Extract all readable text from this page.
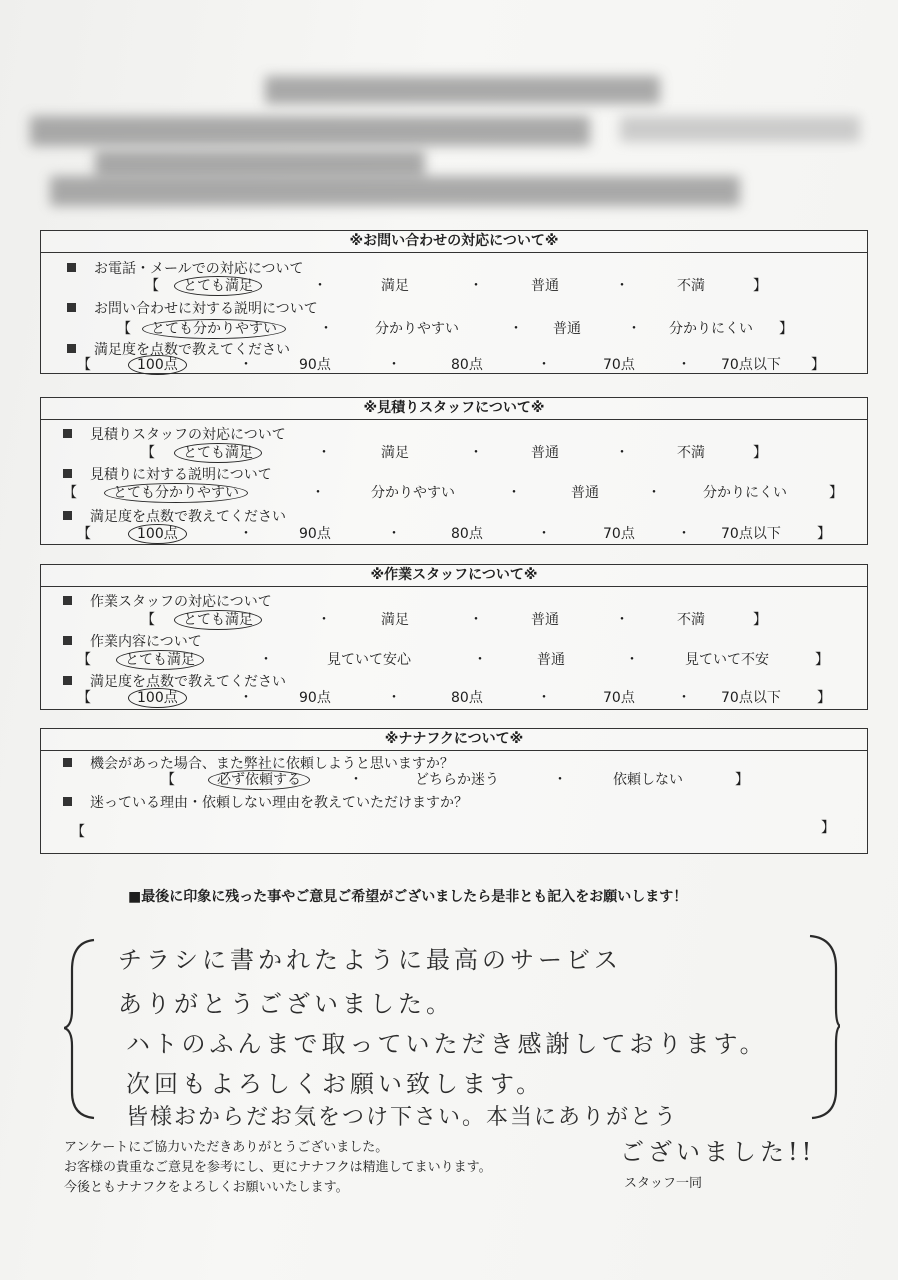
※お問い合わせの対応について※
お電話・メールでの対応について
【 とても満足	・	満足	・	普通	・	不満	】
お問い合わせに対する説明について
【 とても分かりやすい	・	分かりやすい	・ 普通	・ 分かりにくい 】
満足度を点数で教えてください
【	100点	・	90点	・	80点	・	70点	・ 70点以下 】
※見積りスタッフについて※
見積りスタッフの対応について
【 とても満足	・	満足	・	普通	・	不満	】
見積りに対する説明について
【	とても分かりやすい	・	分かりやすい	・	普通	・	分かりにくい	】
満足度を点数で教えてください
【	100点	・	90点	・	80点	・	70点	・ 70点以下	】
※作業スタッフについて※
作業スタッフの対応について
【 とても満足	・	満足	・	普通	・	不満	】
作業内容について
【 とても満足	・	見ていて安心	・	普通	・	見ていて不安	】
満足度を点数で教えてください
【	100点	・	90点	・	80点	・	70点	・ 70点以下	】
※ナナフクについて※
機会があった場合、また弊社に依頼しようと思いますか？
【	必ず依頼する	・	どちらか迷う	・	依頼しない	】
迷っている理由・依頼しない理由を教えていただけますか？
【	】
■最後に印象に残った事やご意見ご希望がございましたら是非とも記入をお願いします！
チラシに書かれたように最高のサービス
ありがとうございました。
ハトのふんまで取っていただき感謝しております。
次回もよろしくお願い致します。
皆様おからだお気をつけ下さい。本当にありがとう
ございました!!
アンケートにご協力いただきありがとうございました。
お客様の貴重なご意見を参考にし、更にナナフクは精進してまいります。
今後ともナナフクをよろしくお願いいたします。	スタッフ一同
